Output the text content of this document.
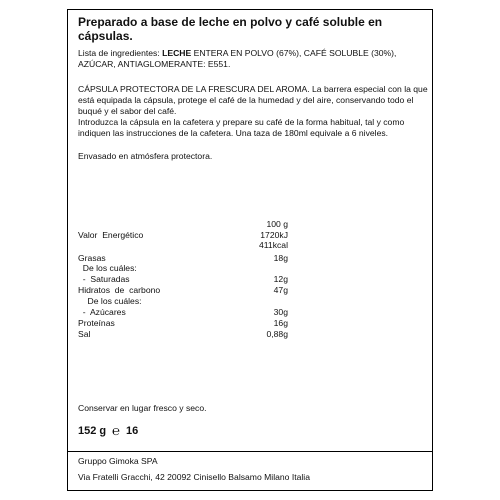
Preparado a base de leche en polvo y café soluble en cápsulas.
Lista de ingredientes: LECHE ENTERA EN POLVO (67%), CAFÉ SOLUBLE (30%), AZÚCAR, ANTIAGLOMERANTE: E551.
CÁPSULA PROTECTORA DE LA FRESCURA DEL AROMA. La barrera especial con la que está equipada la cápsula, protege el café de la humedad y del aire, conservando todo el buqué y el sabor del café.
Introduzca la cápsula en la cafetera y prepare su café de la forma habitual, tal y como indiquen las instrucciones de la cafetera. Una taza de 180ml equivale a 6 niveles.
Envasado en atmósfera protectora.
100 g
Valor  Energético	1720kJ
411kcal
Grasas	18g
De los cuáles:
-  Saturadas	12g
Hidratos  de  carbono	47g
De los cuáles:
-  Azúcares	30g
Proteínas	16g
Sal	0,88g
Conservar en lugar fresco y seco.
152 g ℮ 16
Gruppo Gimoka SPA
Via Fratelli Gracchi, 42 20092 Cinisello Balsamo Milano Italia
